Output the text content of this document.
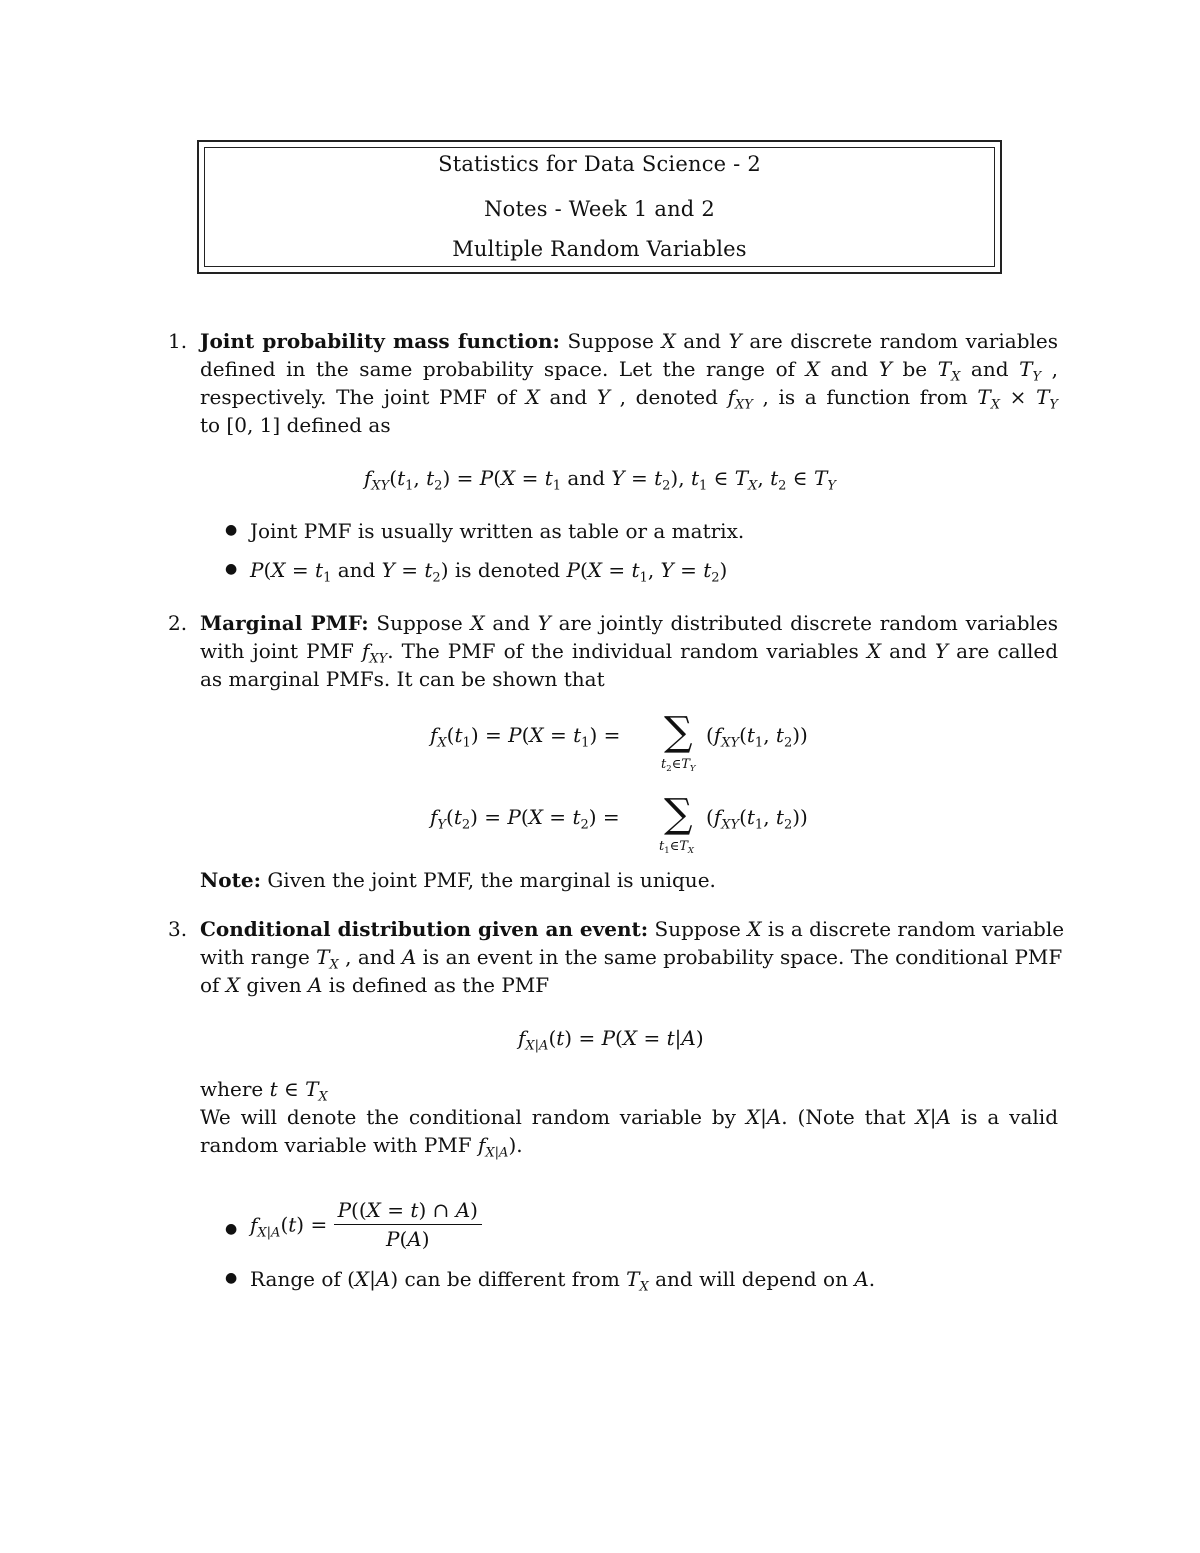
Statistics for Data Science - 2
Notes - Week 1 and 2
Multiple Random Variables
1. Joint probability mass function: Suppose X and Y are discrete random variables
defined in the same probability space. Let the range of X and Y be $T_X$ and $T_Y$ ,
respectively. The joint PMF of X and Y , denoted $f_{XY}$ , is a function from $T_X \times T_Y$
to [0, 1] defined as
$f_{XY}(t_1$, $t_2) = P(X = t_1$ and $Y = t_2$), $t_1$ ∈ $T_X$, $t_2$ ∈ $T_Y$
● Joint PMF is usually written as table or a matrix.
● $P(X = t_1$ and $Y = t_2$) is denoted $P(X = t_1$, $Y = t_2$)
2. Marginal PMF: Suppose X and Y are jointly distributed discrete random variables
with joint PMF $f_{XY}$. The PMF of the individual random variables X and Y are called
as marginal PMFs. It can be shown that
$f_X(t_1) = P(X = t_1)$ = ∑
$t_2\in T_Y$
($f_{XY}(t_1$, $t_2$))
$f_Y(t_2) = P(X = t_2)$ = ∑
$t_1\in T_X$
($f_{XY}(t_1$, $t_2$))
Note: Given the joint PMF, the marginal is unique.
3. Conditional distribution given an event: Suppose X is a discrete random variable
with range $T_X$ , and A is an event in the same probability space. The conditional PMF
of X given A is defined as the PMF
$f_{X|A}(t) = P(X = t|A)$
where t ∈ $T_X$
We will denote the conditional random variable by X|A. (Note that X|A is a valid
random variable with PMF $f_{X|A}$).
● $f_{X|A}(t) = \frac{P((X = t) \cap A)}{P(A)}$
● Range of (X|A) can be different from $T_X$ and will depend on A.
